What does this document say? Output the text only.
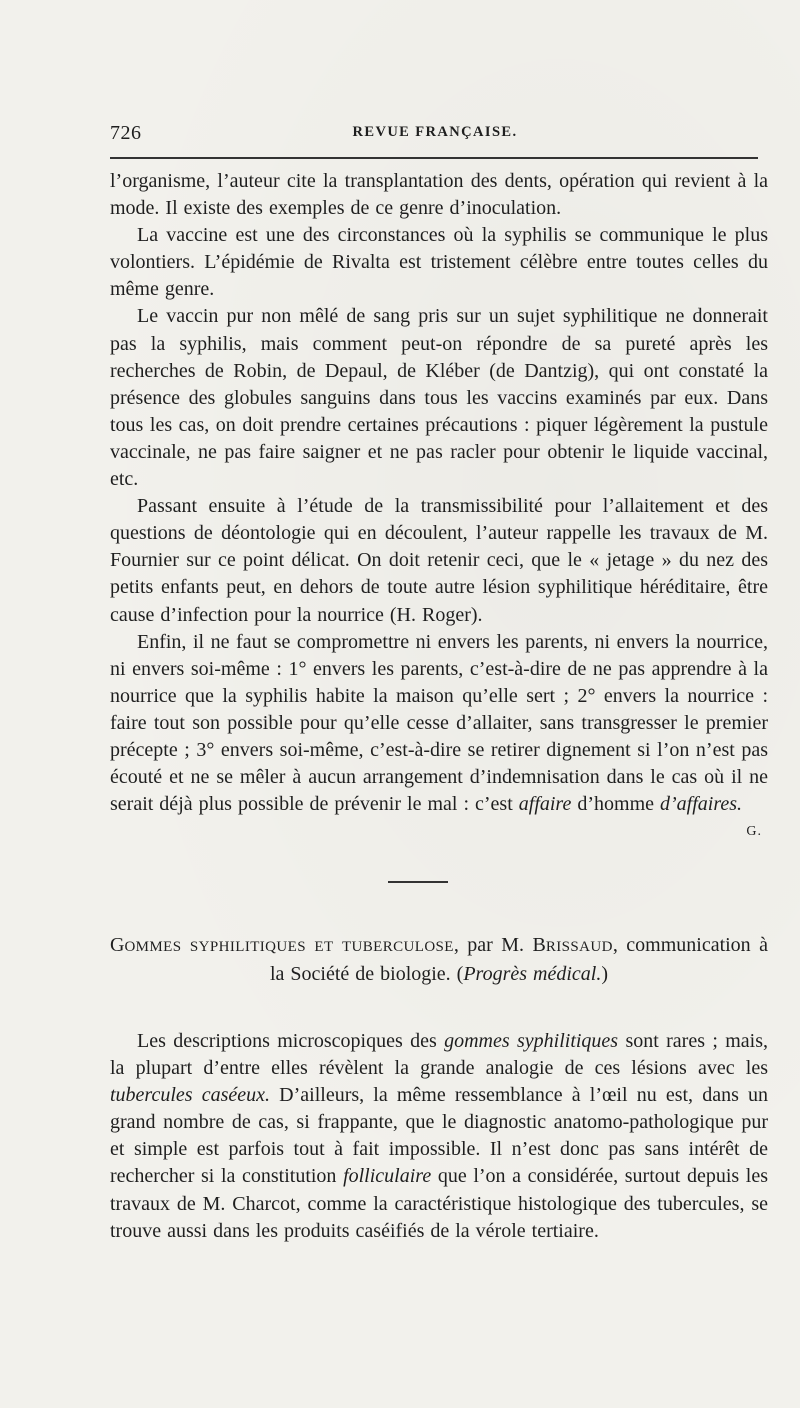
726	REVUE FRANÇAISE.

l’organisme, l’auteur cite la transplantation des dents, opération qui revient à la mode. Il existe des exemples de ce genre d’inoculation.

La vaccine est une des circonstances où la syphilis se communique le plus volontiers. L’épidémie de Rivalta est tristement célèbre entre toutes celles du même genre.

Le vaccin pur non mêlé de sang pris sur un sujet syphilitique ne donnerait pas la syphilis, mais comment peut-on répondre de sa pureté après les recherches de Robin, de Depaul, de Kléber (de Dantzig), qui ont constaté la présence des globules sanguins dans tous les vaccins examinés par eux. Dans tous les cas, on doit prendre certaines précautions : piquer légèrement la pustule vaccinale, ne pas faire saigner et ne pas racler pour obtenir le liquide vaccinal, etc.

Passant ensuite à l’étude de la transmissibilité pour l’allaitement et des questions de déontologie qui en découlent, l’auteur rappelle les travaux de M. Fournier sur ce point délicat. On doit retenir ceci, que le « jetage » du nez des petits enfants peut, en dehors de toute autre lésion syphilitique héréditaire, être cause d’infection pour la nourrice (H. Roger).

Enfin, il ne faut se compromettre ni envers les parents, ni envers la nourrice, ni envers soi-même : 1° envers les parents, c’est-à-dire de ne pas apprendre à la nourrice que la syphilis habite la maison qu’elle sert ; 2° envers la nourrice : faire tout son possible pour qu’elle cesse d’allaiter, sans transgresser le premier précepte ; 3° envers soi-même, c’est-à-dire se retirer dignement si l’on n’est pas écouté et ne se mêler à aucun arrangement d’indemnisation dans le cas où il ne serait déjà plus possible de prévenir le mal : c’est affaire d’homme d’affaires.
G.

GOMMES SYPHILITIQUES ET TUBERCULOSE, par M. BRISSAUD, communication à la Société de biologie. (Progrès médical.)

Les descriptions microscopiques des gommes syphilitiques sont rares ; mais, la plupart d’entre elles révèlent la grande analogie de ces lésions avec les tubercules caséeux. D’ailleurs, la même ressemblance à l’œil nu est, dans un grand nombre de cas, si frappante, que le diagnostic anatomo-pathologique pur et simple est parfois tout à fait impossible. Il n’est donc pas sans intérêt de rechercher si la constitution folliculaire que l’on a considérée, surtout depuis les travaux de M. Charcot, comme la caractéristique histologique des tubercules, se trouve aussi dans les produits caséifiés de la vérole tertiaire.
